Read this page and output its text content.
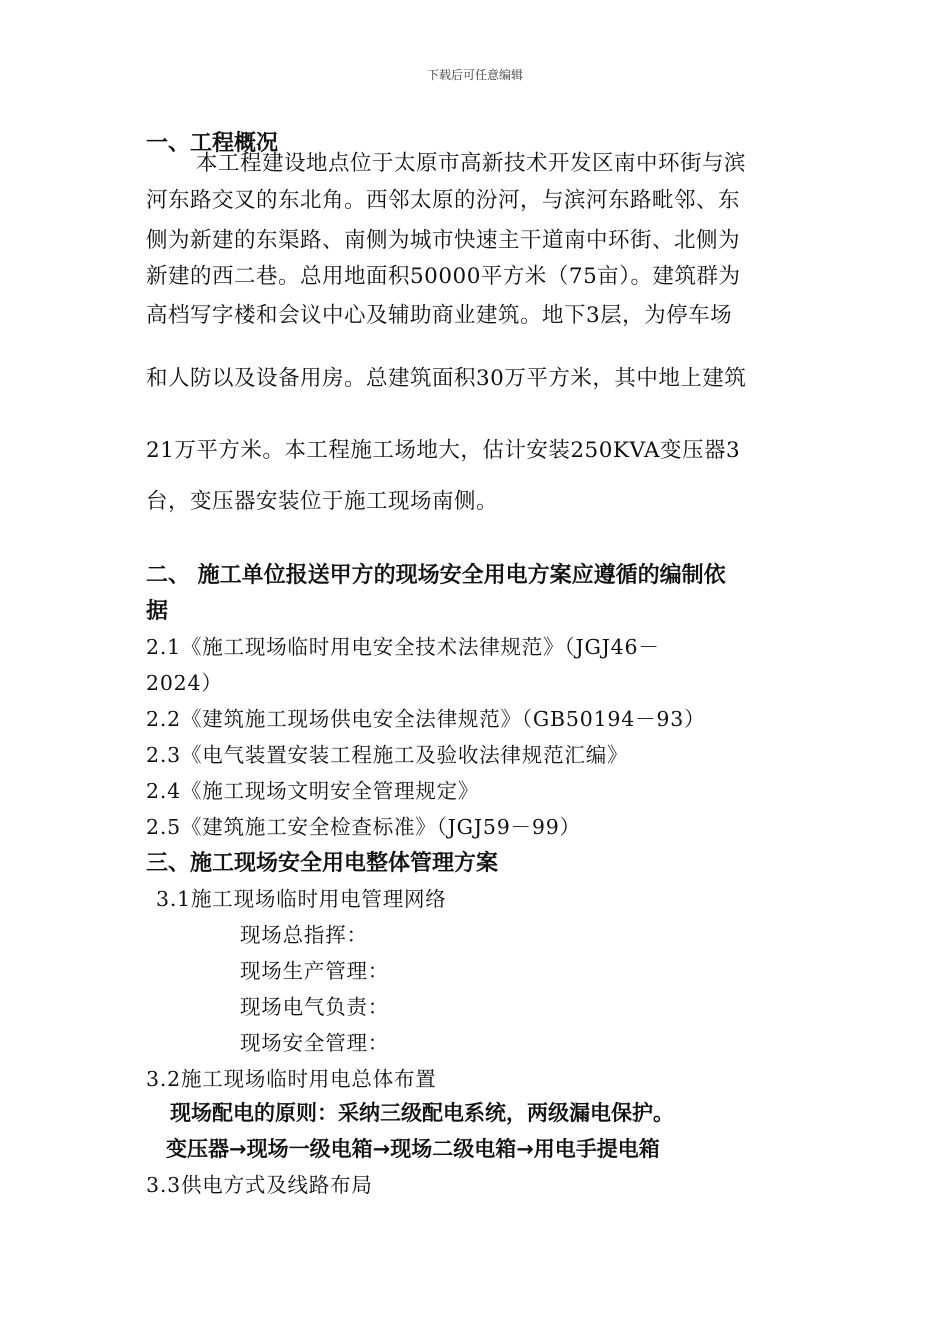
下载后可任意编辑
一、工程概况
本工程建设地点位于太原市高新技术开发区南中环街与滨
河东路交叉的东北角。西邻太原的汾河，与滨河东路毗邻、东
侧为新建的东渠路、南侧为城市快速主干道南中环街、北侧为
新建的西二巷。总用地面积50000平方米（75亩）。建筑群为
高档写字楼和会议中心及辅助商业建筑。地下3层，为停车场
和人防以及设备用房。总建筑面积30万平方米，其中地上建筑
21万平方米。本工程施工场地大，估计安装250KVA变压器3
台，变压器安装位于施工现场南侧。
二、 施工单位报送甲方的现场安全用电方案应遵循的编制依
据
2.1《施工现场临时用电安全技术法律规范》（JGJ46－
2024）
2.2《建筑施工现场供电安全法律规范》（GB50194－93）
2.3《电气装置安装工程施工及验收法律规范汇编》
2.4《施工现场文明安全管理规定》
2.5《建筑施工安全检查标准》（JGJ59－99）
三、施工现场安全用电整体管理方案
3.1施工现场临时用电管理网络
现场总指挥：
现场生产管理：
现场电气负责：
现场安全管理：
3.2施工现场临时用电总体布置
现场配电的原则：采纳三级配电系统，两级漏电保护。
变压器→现场一级电箱→现场二级电箱→用电手提电箱
3.3供电方式及线路布局
